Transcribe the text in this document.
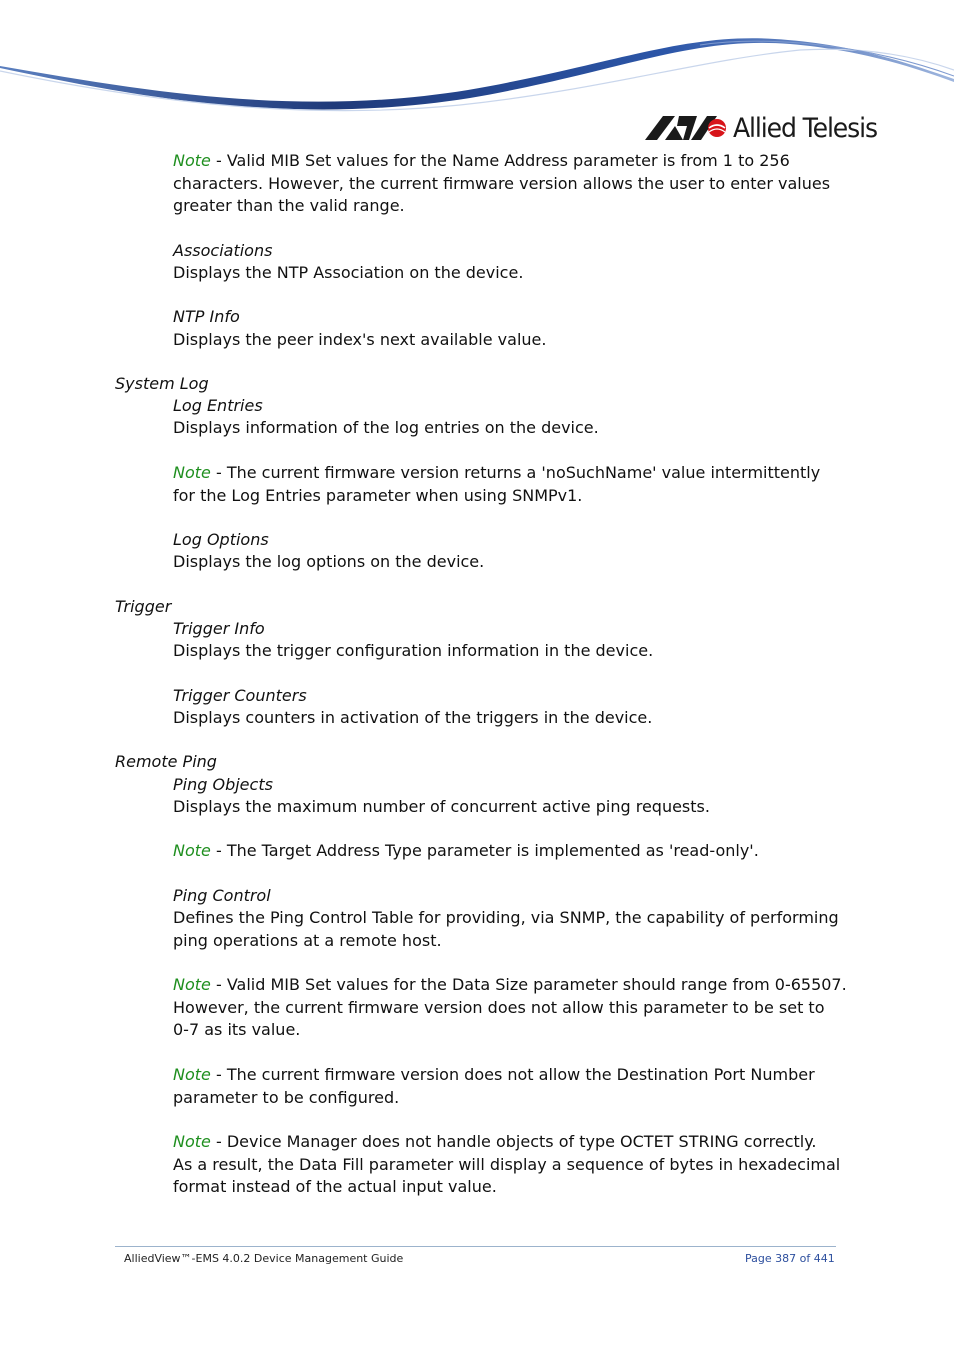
Allied Telesis
Note - Valid MIB Set values for the Name Address parameter is from 1 to 256
characters. However, the current firmware version allows the user to enter values
greater than the valid range.
Associations
Displays the NTP Association on the device.
NTP Info
Displays the peer index's next available value.
System Log
Log Entries
Displays information of the log entries on the device.
Note - The current firmware version returns a 'noSuchName' value intermittently
for the Log Entries parameter when using SNMPv1.
Log Options
Displays the log options on the device.
Trigger
Trigger Info
Displays the trigger configuration information in the device.
Trigger Counters
Displays counters in activation of the triggers in the device.
Remote Ping
Ping Objects
Displays the maximum number of concurrent active ping requests.
Note - The Target Address Type parameter is implemented as 'read-only'.
Ping Control
Defines the Ping Control Table for providing, via SNMP, the capability of performing
ping operations at a remote host.
Note - Valid MIB Set values for the Data Size parameter should range from 0-65507.
However, the current firmware version does not allow this parameter to be set to
0-7 as its value.
Note - The current firmware version does not allow the Destination Port Number
parameter to be configured.
Note - Device Manager does not handle objects of type OCTET STRING correctly.
As a result, the Data Fill parameter will display a sequence of bytes in hexadecimal
format instead of the actual input value.
AlliedView™-EMS 4.0.2 Device Management Guide	Page 387 of 441
